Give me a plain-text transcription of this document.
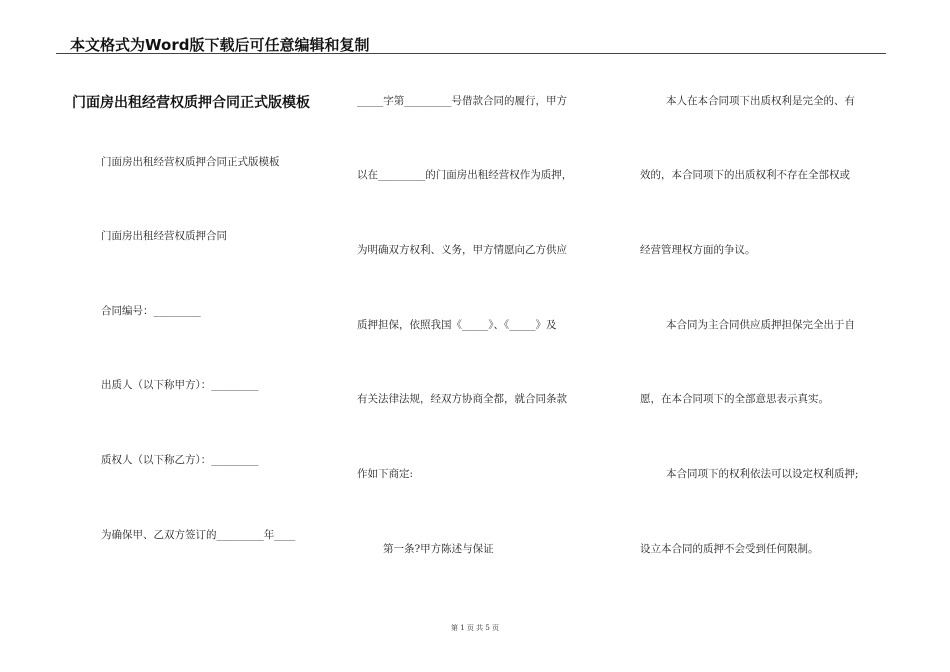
本文格式为Word版下载后可任意编辑和复制
门面房出租经营权质押合同正式版模板
门面房出租经营权质押合同正式版模板
门面房出租经营权质押合同
合同编号：_________
出质人（以下称甲方）：_________
质权人（以下称乙方）：_________
为确保甲、乙双方签订的_________年____
_____字第_________号借款合同的履行，甲方
以在_________的门面房出租经营权作为质押，
为明确双方权利、义务，甲方情愿向乙方供应
质押担保，依照我国《_____》、《_____》及
有关法律法规，经双方协商全都，就合同条款
作如下商定:
第一条?甲方陈述与保证
本人在本合同项下出质权利是完全的、有
效的，本合同项下的出质权利不存在全部权或
经营管理权方面的争议。
本合同为主合同供应质押担保完全出于自
愿，在本合同项下的全部意思表示真实。
本合同项下的权利依法可以设定权利质押;
设立本合同的质押不会受到任何限制。
第 1 页 共 5 页
